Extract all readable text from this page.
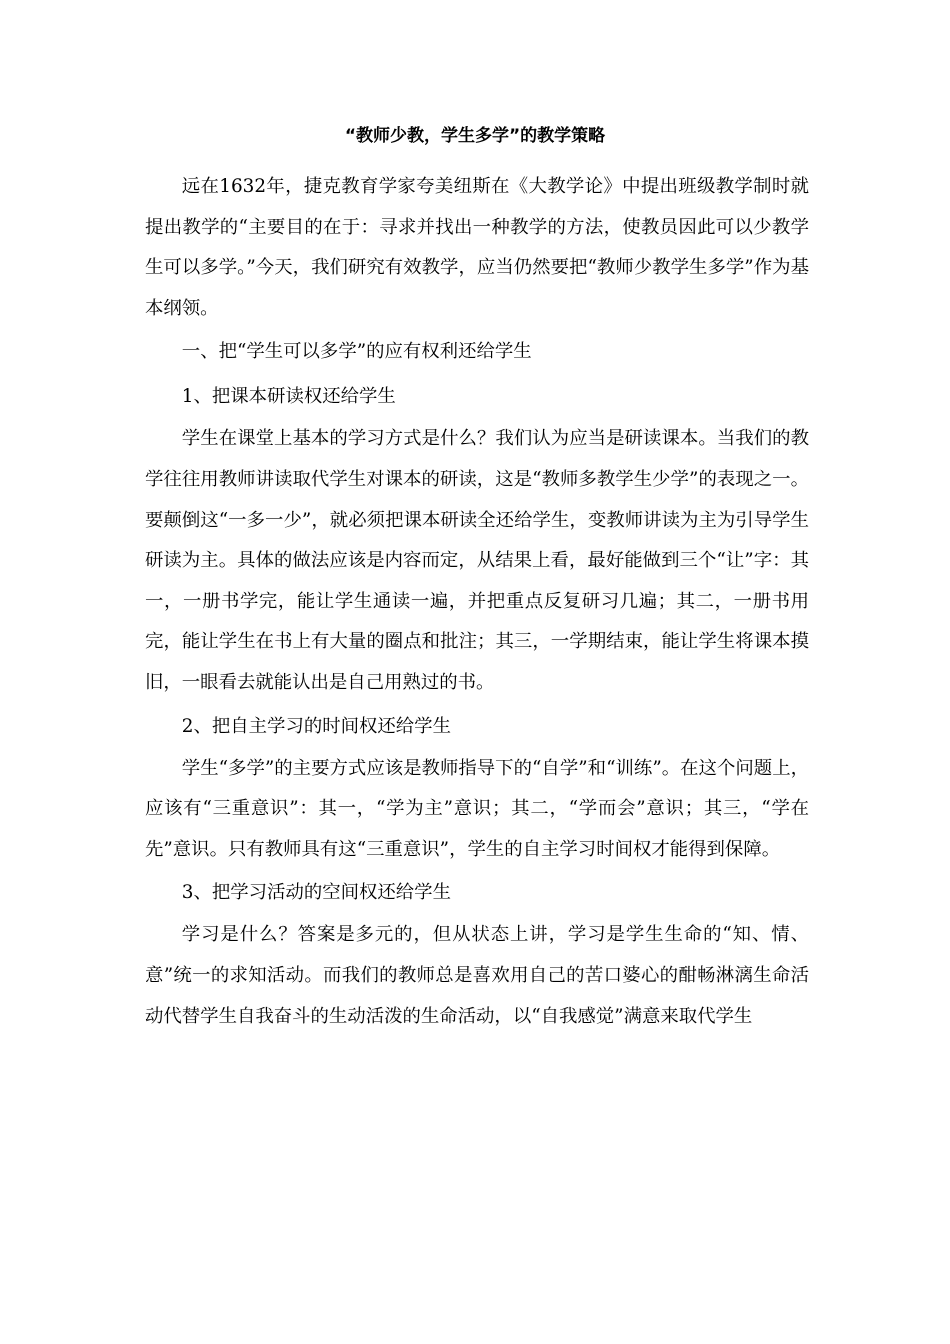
“教师少教，学生多学”的教学策略

远在1632年，捷克教育学家夸美纽斯在《大教学论》中提出班级教学制时就提出教学的“主要目的在于：寻求并找出一种教学的方法，使教员因此可以少教学生可以多学。”今天，我们研究有效教学，应当仍然要把“教师少教学生多学”作为基本纲领。

一、把“学生可以多学”的应有权利还给学生

1、把课本研读权还给学生

学生在课堂上基本的学习方式是什么？我们认为应当是研读课本。当我们的教学往往用教师讲读取代学生对课本的研读，这是“教师多教学生少学”的表现之一。要颠倒这“一多一少”，就必须把课本研读全还给学生，变教师讲读为主为引导学生研读为主。具体的做法应该是内容而定，从结果上看，最好能做到三个“让”字：其一，一册书学完，能让学生通读一遍，并把重点反复研习几遍；其二，一册书用完，能让学生在书上有大量的圈点和批注；其三，一学期结束，能让学生将课本摸旧，一眼看去就能认出是自己用熟过的书。

2、把自主学习的时间权还给学生

学生“多学”的主要方式应该是教师指导下的“自学”和“训练”。在这个问题上，应该有“三重意识”：其一，“学为主”意识；其二，“学而会”意识；其三，“学在先”意识。只有教师具有这“三重意识”，学生的自主学习时间权才能得到保障。

3、把学习活动的空间权还给学生

学习是什么？答案是多元的，但从状态上讲，学习是学生生命的“知、情、意”统一的求知活动。而我们的教师总是喜欢用自己的苦口婆心的酣畅淋漓生命活动代替学生自我奋斗的生动活泼的生命活动，以“自我感觉”满意来取代学生
